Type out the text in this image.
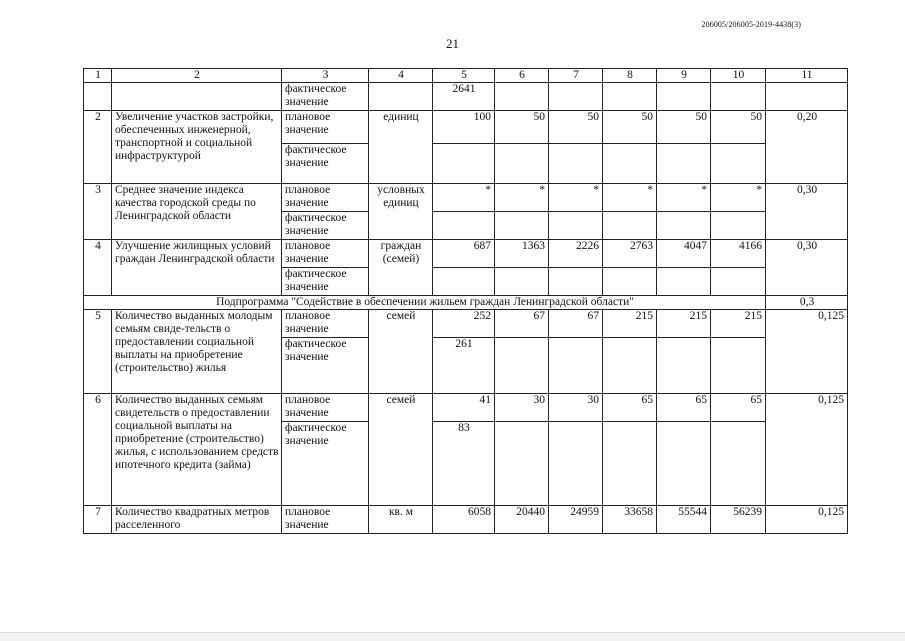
206005/206005-2019-4438(3)
21
1	2	3	4	5	6	7	8	9	10	11
		фактическое значение		2641						
2	Увеличение участков застройки, обеспеченных инженерной, транспортной и социальной инфраструктурой	плановое значение	единиц	100	50	50	50	50	50	0,20
		фактическое значение								
3	Среднее значение индекса качества городской среды по Ленинградской области	плановое значение	условных единиц	*	*	*	*	*	*	0,30
		фактическое значение								
4	Улучшение жилищных условий граждан Ленинградской области	плановое значение	граждан (семей)	687	1363	2226	2763	4047	4166	0,30
		фактическое значение								
Подпрограмма "Содействие в обеспечении жильем граждан Ленинградской области"										0,3
5	Количество выданных молодым семьям свиде-тельств о предоставлении социальной выплаты на приобретение (строительство) жилья	плановое значение	семей	252	67	67	215	215	215	0,125
		фактическое значение		261						
6	Количество выданных семьям свидетельств о предоставлении социальной выплаты на приобретение (строительство) жилья, с использованием средств ипотечного кредита (займа)	плановое значение	семей	41	30	30	65	65	65	0,125
		фактическое значение		83						
7	Количество квадратных метров расселенного	плановое значение	кв. м	6058	20440	24959	33658	55544	56239	0,125
